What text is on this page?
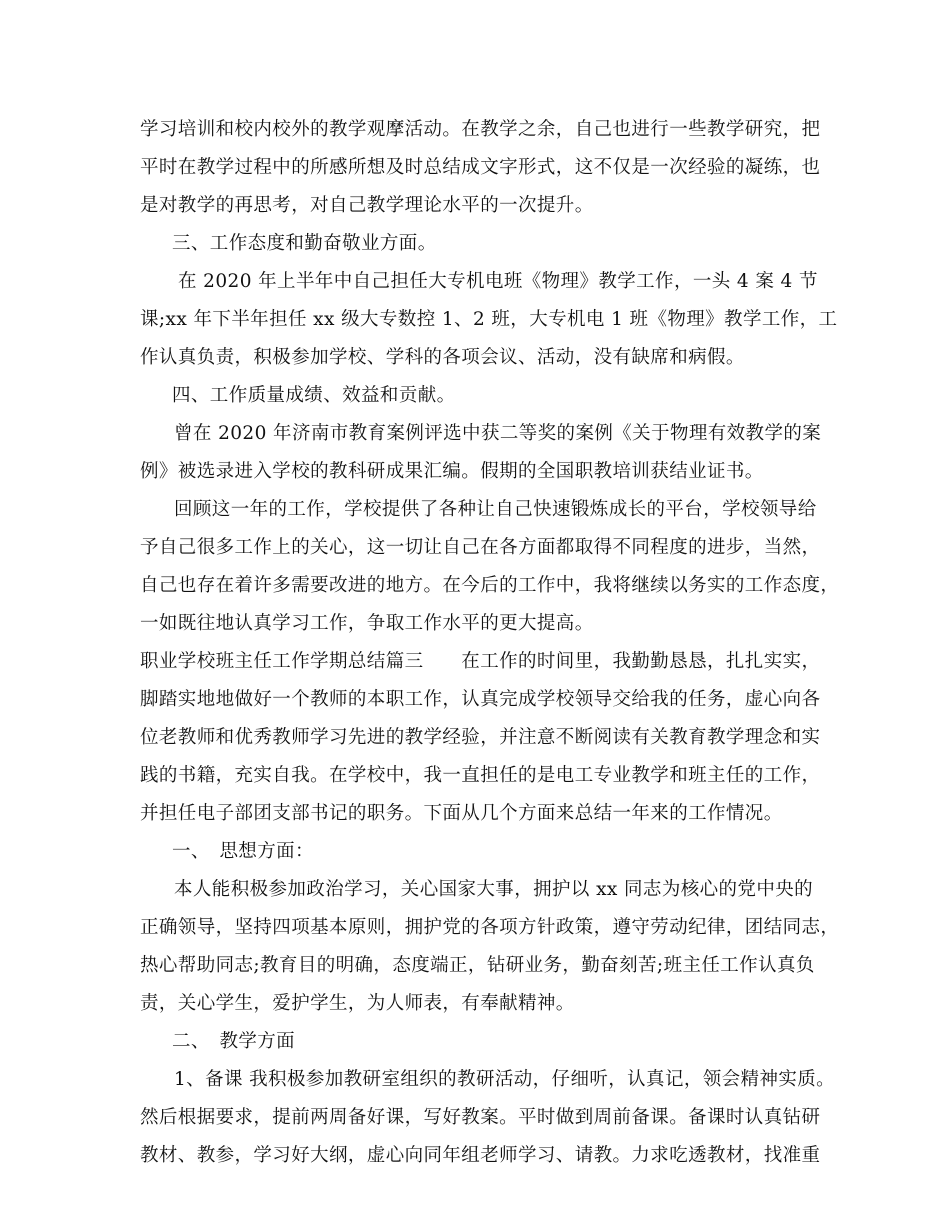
学习培训和校内校外的教学观摩活动。在教学之余，自己也进行一些教学研究，把
平时在教学过程中的所感所想及时总结成文字形式，这不仅是一次经验的凝练，也
是对教学的再思考，对自己教学理论水平的一次提升。
三、工作态度和勤奋敬业方面。
在 2020 年上半年中自己担任大专机电班《物理》教学工作，一头 4 案 4 节
课;xx 年下半年担任 xx 级大专数控 1、2 班，大专机电 1 班《物理》教学工作，工
作认真负责，积极参加学校、学科的各项会议、活动，没有缺席和病假。
四、工作质量成绩、效益和贡献。
曾在 2020 年济南市教育案例评选中获二等奖的案例《关于物理有效教学的案
例》被选录进入学校的教科研成果汇编。假期的全国职教培训获结业证书。
回顾这一年的工作，学校提供了各种让自己快速锻炼成长的平台，学校领导给
予自己很多工作上的关心，这一切让自己在各方面都取得不同程度的进步，当然，
自己也存在着许多需要改进的地方。在今后的工作中，我将继续以务实的工作态度，
一如既往地认真学习工作，争取工作水平的更大提高。
职业学校班主任工作学期总结篇三　　在工作的时间里，我勤勤恳恳，扎扎实实，
脚踏实地地做好一个教师的本职工作，认真完成学校领导交给我的任务，虚心向各
位老教师和优秀教师学习先进的教学经验，并注意不断阅读有关教育教学理念和实
践的书籍，充实自我。在学校中，我一直担任的是电工专业教学和班主任的工作，
并担任电子部团支部书记的职务。下面从几个方面来总结一年来的工作情况。
一、　思想方面：
本人能积极参加政治学习，关心国家大事，拥护以 xx 同志为核心的党中央的
正确领导，坚持四项基本原则，拥护党的各项方针政策，遵守劳动纪律，团结同志，
热心帮助同志;教育目的明确，态度端正，钻研业务，勤奋刻苦;班主任工作认真负
责，关心学生，爱护学生，为人师表，有奉献精神。
二、　教学方面
1、备课 我积极参加教研室组织的教研活动，仔细听，认真记，领会精神实质。
然后根据要求，提前两周备好课，写好教案。平时做到周前备课。备课时认真钻研
教材、教参，学习好大纲，虚心向同年组老师学习、请教。力求吃透教材，找准重
